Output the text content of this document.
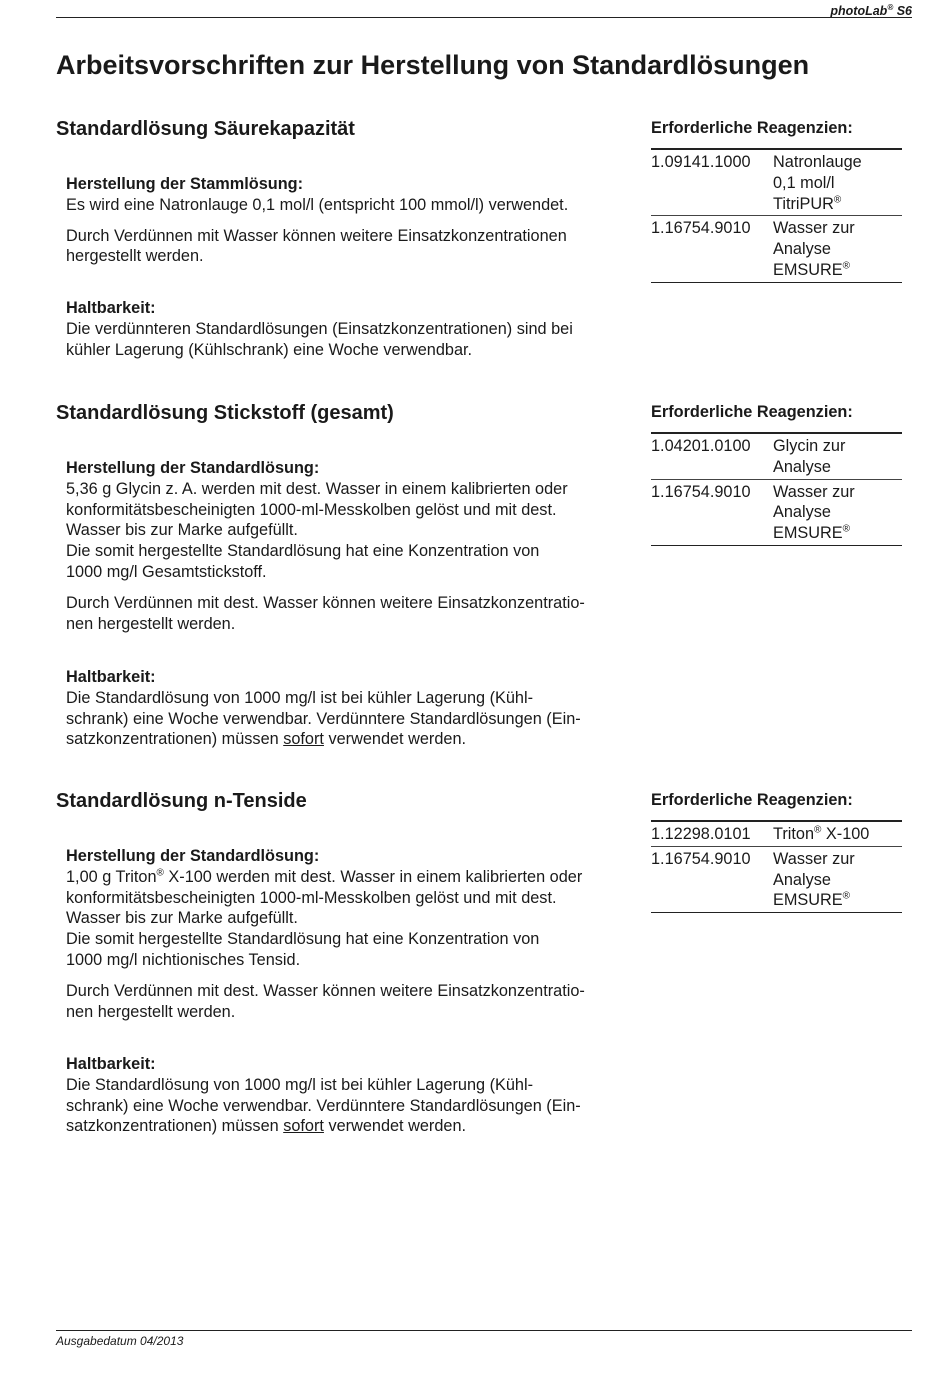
photoLab® S6
Arbeitsvorschriften zur Herstellung von Standardlösungen
Standardlösung Säurekapazität

Herstellung der Stammlösung:

Es wird eine Natronlauge 0,1 mol/l (entspricht 100 mmol/l) verwendet.

Durch Verdünnen mit Wasser können weitere Einsatzkonzentrationen

hergestellt werden.

Haltbarkeit:

Die verdünnteren Standardlösungen (Einsatzkonzentrationen) sind bei

kühler Lagerung (Kühlschrank) eine Woche verwendbar.

Erforderliche Reagenzien:
1.09141.1000	Natronlauge
0,1 mol/l
TitriPUR®
1.16754.9010	Wasser zur
Analyse
EMSURE®
Standardlösung Stickstoff (gesamt)

Herstellung der Standardlösung:

5,36 g Glycin z. A. werden mit dest. Wasser in einem kalibrierten oder

konformitätsbescheinigten 1000-ml-Messkolben gelöst und mit dest.

Wasser bis zur Marke aufgefüllt.

Die somit hergestellte Standardlösung hat eine Konzentration von

1000 mg/l Gesamtstickstoff.

Durch Verdünnen mit dest. Wasser können weitere Einsatzkonzentratio-

nen hergestellt werden.

Haltbarkeit:

Die Standardlösung von 1000 mg/l ist bei kühler Lagerung (Kühl-

schrank) eine Woche verwendbar. Verdünntere Standardlösungen (Ein-

satzkonzentrationen) müssen sofort verwendet werden.

Erforderliche Reagenzien:
1.04201.0100	Glycin zur
Analyse
1.16754.9010	Wasser zur
Analyse
EMSURE®
Standardlösung n-Tenside

Herstellung der Standardlösung:

1,00 g Triton® X-100 werden mit dest. Wasser in einem kalibrierten oder

konformitätsbescheinigten 1000-ml-Messkolben gelöst und mit dest.

Wasser bis zur Marke aufgefüllt.

Die somit hergestellte Standardlösung hat eine Konzentration von

1000 mg/l nichtionisches Tensid.

Durch Verdünnen mit dest. Wasser können weitere Einsatzkonzentratio-

nen hergestellt werden.

Haltbarkeit:

Die Standardlösung von 1000 mg/l ist bei kühler Lagerung (Kühl-

schrank) eine Woche verwendbar. Verdünntere Standardlösungen (Ein-

satzkonzentrationen) müssen sofort verwendet werden.

Erforderliche Reagenzien:
1.12298.0101	Triton® X-100
1.16754.9010	Wasser zur
Analyse
EMSURE®
Ausgabedatum 04/2013
